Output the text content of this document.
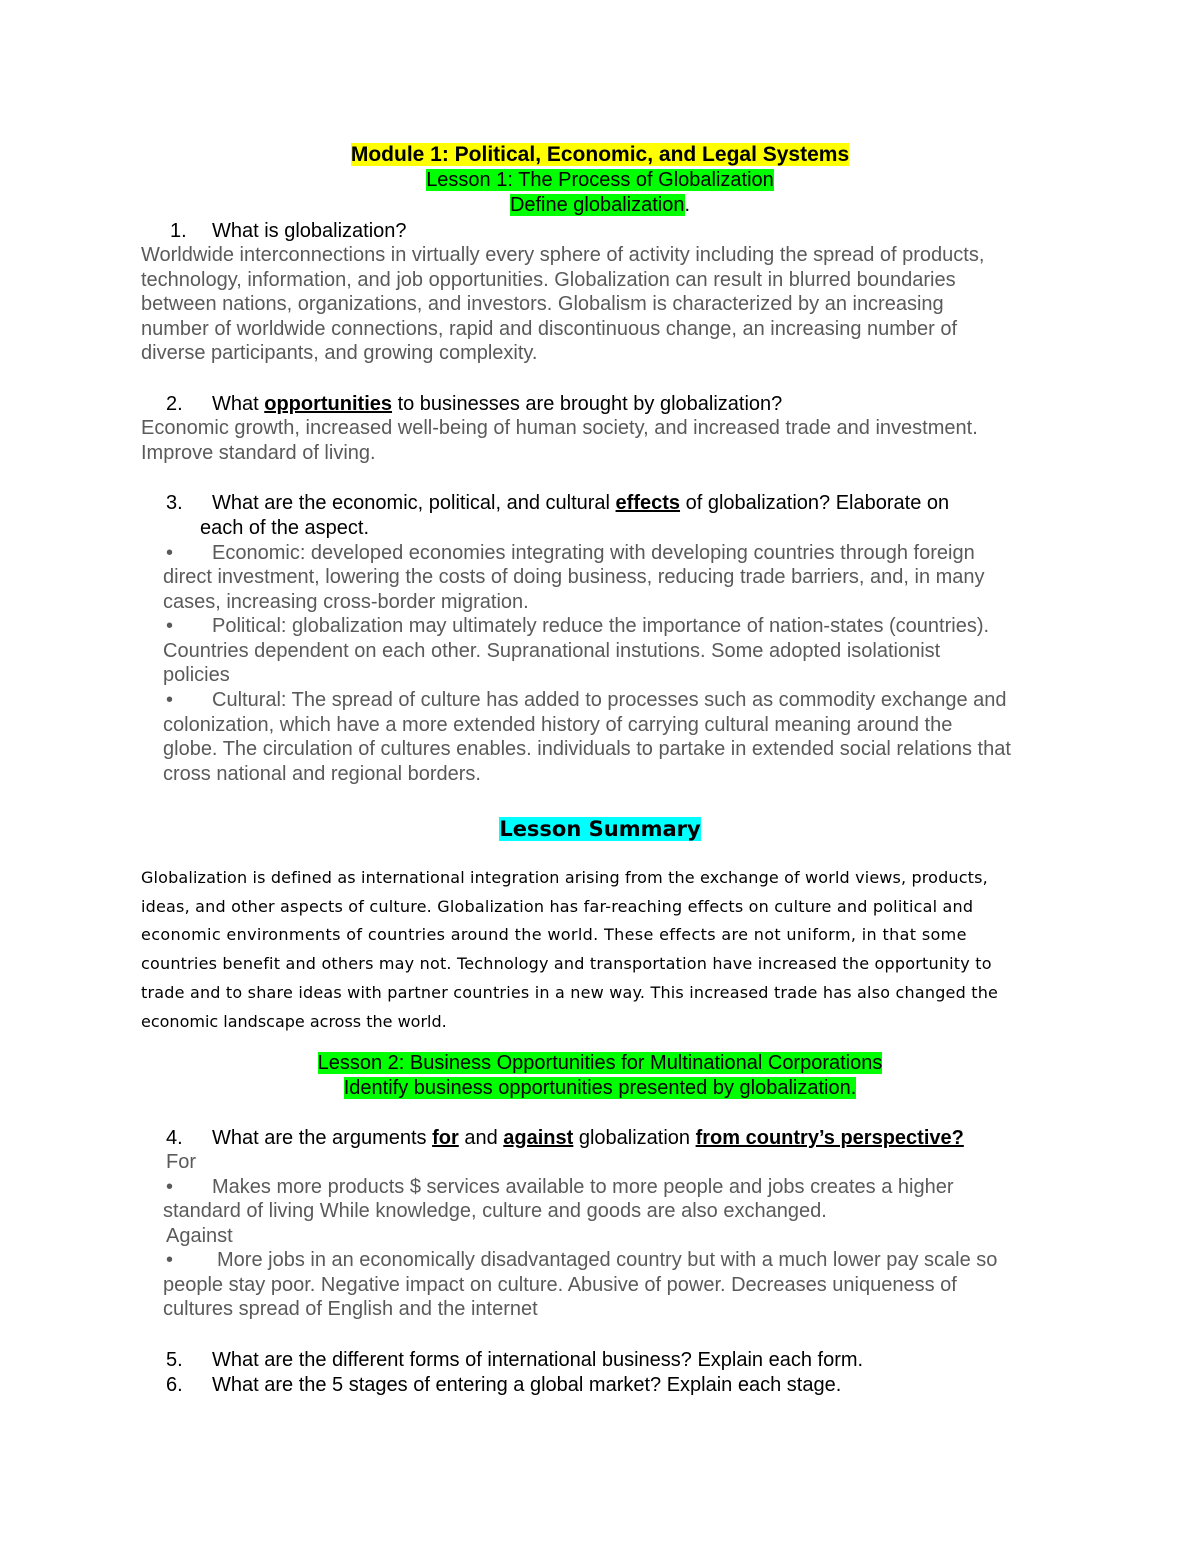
Module 1: Political, Economic, and Legal Systems
Lesson 1: The Process of Globalization
Define globalization.
1. What is globalization?
Worldwide interconnections in virtually every sphere of activity including the spread of products,
technology, information, and job opportunities. Globalization can result in blurred boundaries
between nations, organizations, and investors. Globalism is characterized by an increasing
number of worldwide connections, rapid and discontinuous change, an increasing number of
diverse participants, and growing complexity.
2. What opportunities to businesses are brought by globalization?
Economic growth, increased well-being of human society, and increased trade and investment.
Improve standard of living.
3. What are the economic, political, and cultural effects of globalization? Elaborate on
each of the aspect.
• Economic: developed economies integrating with developing countries through foreign
direct investment, lowering the costs of doing business, reducing trade barriers, and, in many
cases, increasing cross-border migration.
• Political: globalization may ultimately reduce the importance of nation-states (countries).
Countries dependent on each other. Supranational instutions. Some adopted isolationist
policies
• Cultural: The spread of culture has added to processes such as commodity exchange and
colonization, which have a more extended history of carrying cultural meaning around the
globe. The circulation of cultures enables. individuals to partake in extended social relations that
cross national and regional borders.
Lesson Summary
Globalization is defined as international integration arising from the exchange of world views, products,
ideas, and other aspects of culture. Globalization has far-reaching effects on culture and political and
economic environments of countries around the world. These effects are not uniform, in that some
countries benefit and others may not. Technology and transportation have increased the opportunity to
trade and to share ideas with partner countries in a new way. This increased trade has also changed the
economic landscape across the world.
Lesson 2: Business Opportunities for Multinational Corporations
Identify business opportunities presented by globalization.
4. What are the arguments for and against globalization from country’s perspective?
For
• Makes more products $ services available to more people and jobs creates a higher
standard of living While knowledge, culture and goods are also exchanged.
Against
• More jobs in an economically disadvantaged country but with a much lower pay scale so
people stay poor. Negative impact on culture. Abusive of power. Decreases uniqueness of
cultures spread of English and the internet
5. What are the different forms of international business? Explain each form.
6. What are the 5 stages of entering a global market? Explain each stage.
